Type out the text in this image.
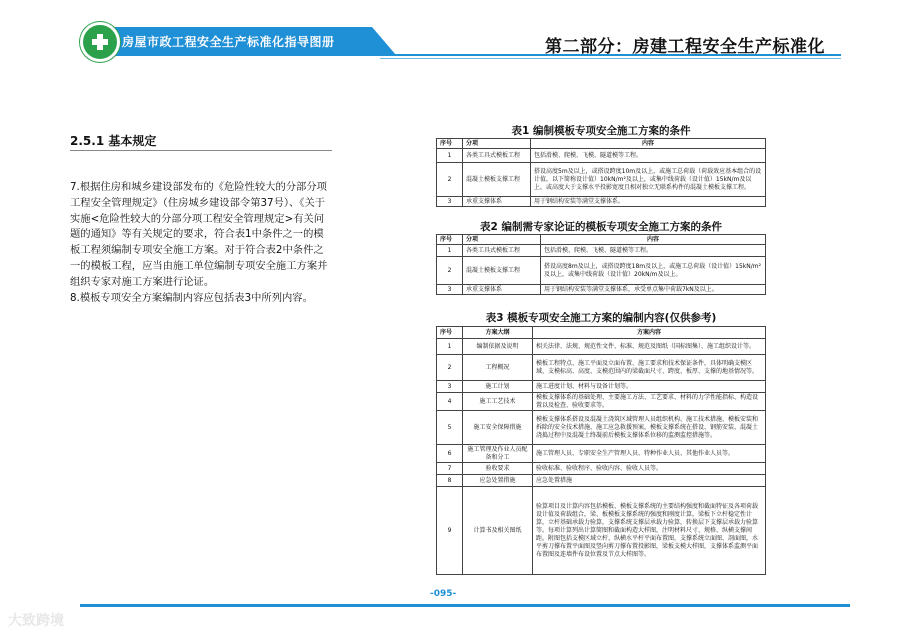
房屋市政工程安全生产标准化指导图册	第二部分：房建工程安全生产标准化
2.5.1 基本规定

7.根据住房和城乡建设部发布的《危险性较大的分部分项工程安全管理规定》（住房城乡建设部令第37号）、《关于实施<危险性较大的分部分项工程安全管理规定>有关问题的通知》等有关规定的要求，符合表1中条件之一的模板工程须编制专项安全施工方案。对于符合表2中条件之一的模板工程，应当由施工单位编制专项安全施工方案并组织专家对施工方案进行论证。

8.模板专项安全方案编制内容应包括表3中所列内容。

表1 编制模板专项安全施工方案的条件
序号	分项	内容
1	各类工具式模板工程	包括滑模、爬模、飞模、隧道模等工程。
2	混凝土模板支撑工程	搭设高度5m及以上，或搭设跨度10m及以上，或施工总荷载（荷载效应基本组合的设计值，以下简称设计值）10kN/m²及以上，或集中线荷载（设计值）15kN/m及以上，或高度大于支撑水平投影宽度且相对独立无联系构件的混凝土模板支撑工程。
3	承重支撑体系	用于钢结构安装等满堂支撑体系。
表2 编制需专家论证的模板专项安全施工方案的条件
序号	分项	内容
1	各类工具式模板工程	包括滑模、爬模、飞模、隧道模等工程。
2	混凝土模板支撑工程	搭设高度8m及以上，或搭设跨度18m及以上，或施工总荷载（设计值）15kN/m²及以上，或集中线荷载（设计值）20kN/m及以上。
3	承重支撑体系	用于钢结构安装等满堂支撑体系，承受单点集中荷载7kN及以上。
表3 模板专项安全施工方案的编制内容(仅供参考)
序号	方案大纲	方案内容
1	编制依据及说明	相关法律、法规、规范性文件、标准、规范及图纸（国标图集）、施工组织设计等。
2	工程概况	模板工程特点、施工平面及立面布置、施工要求和技术保证条件，具体明确支模区域、支模标高、高度、支模范围内的梁截面尺寸、跨度、板厚、支撑的地基情况等。
3	施工计划	施工进度计划、材料与设备计划等。
4	施工工艺技术	模板支撑体系的基础处理、主要施工方法、工艺要求、材料的力学性能指标、构造设置以及检查、验收要求等。
5	施工安全保障措施	模板支撑体系搭设及混凝土浇筑区域管理人员组织机构、施工技术措施、模板安装和拆除的安全技术措施、施工应急救援预案，模板支撑系统在搭设、钢筋安装、混凝土浇捣过程中及混凝土终凝前后模板支撑体系位移的监测监控措施等。
6	施工管理及作业人员配备和分工	施工管理人员、专职安全生产管理人员、特种作业人员、其他作业人员等。
7	验收要求	验收标准、验收程序、验收内容、验收人员等。
8	应急处置措施	应急处置措施
9	计算书及相关图纸	验算项目及计算内容包括模板、模板支撑系统的主要结构强度和截面特征及各项荷载设计值及荷载组合，梁、板模板支撑系统的强度和刚度计算，梁板下立杆稳定性计算，立杆基础承载力验算，支撑系统支撑层承载力验算，转换层下支撑层承载力验算等。每项计算列出计算简图和截面构造大样图，注明材料尺寸、规格、纵横支撑间距。附图包括支模区域立杆、纵横水平杆平面布置图，支撑系统立面图、剖面图，水平剪刀撑布置平面图及竖向剪刀撑布置投影图，梁板支模大样图，支撑体系监测平面布置图及连墙件布设位置及节点大样图等。
-095-
大致跨境
